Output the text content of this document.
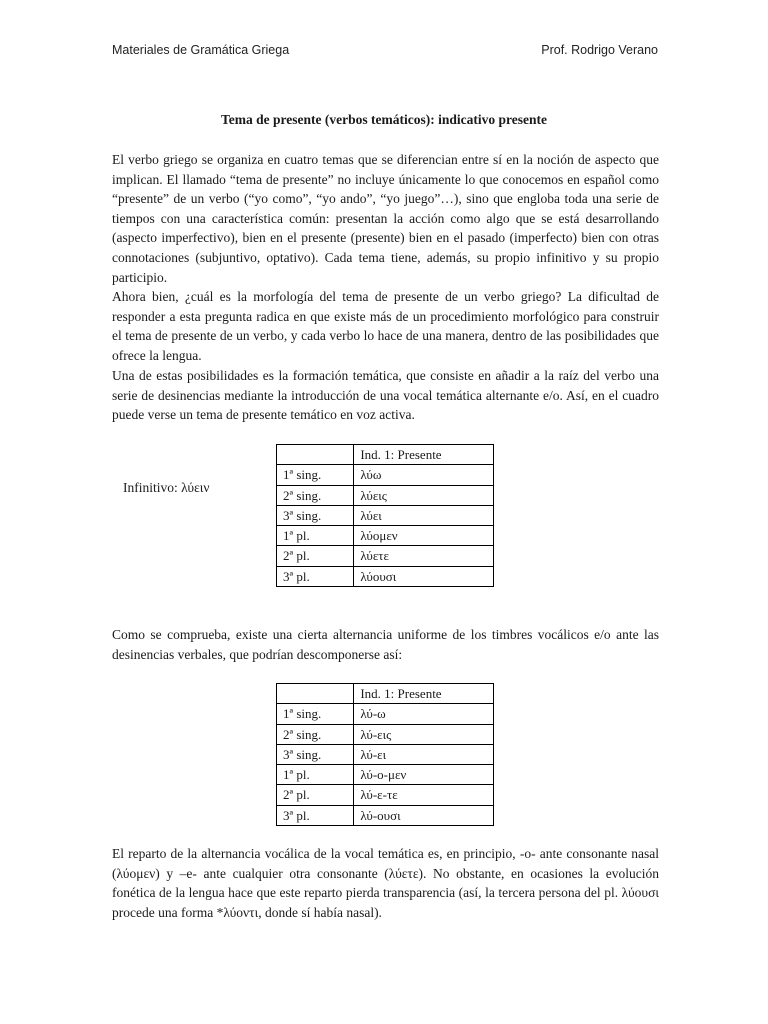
Materiales de Gramática Griega	Prof. Rodrigo Verano
Tema de presente (verbos temáticos): indicativo presente

El verbo griego se organiza en cuatro temas que se diferencian entre sí en la noción de aspecto que implican. El llamado “tema de presente” no incluye únicamente lo que conocemos en español como “presente” de un verbo (“yo como”, “yo ando”, “yo juego”…), sino que engloba toda una serie de tiempos con una característica común: presentan la acción como algo que se está desarrollando (aspecto imperfectivo), bien en el presente (presente) bien en el pasado (imperfecto) bien con otras connotaciones (subjuntivo, optativo). Cada tema tiene, además, su propio infinitivo y su propio participio.

Ahora bien, ¿cuál es la morfología del tema de presente de un verbo griego? La dificultad de responder a esta pregunta radica en que existe más de un procedimiento morfológico para construir el tema de presente de un verbo, y cada verbo lo hace de una manera, dentro de las posibilidades que ofrece la lengua.

Una de estas posibilidades es la formación temática, que consiste en añadir a la raíz del verbo una serie de desinencias mediante la introducción de una vocal temática alternante e/o. Así, en el cuadro puede verse un tema de presente temático en voz activa.

Infinitivo: λύειν
	Ind. 1: Presente
1ª sing.	λύω
2ª sing.	λύεις
3ª sing.	λύει
1ª pl.	λύομεν
2ª pl.	λύετε
3ª pl.	λύουσι

Como se comprueba, existe una cierta alternancia uniforme de los timbres vocálicos e/o ante las desinencias verbales, que podrían descomponerse así:

	Ind. 1: Presente
1ª sing.	λύ-ω
2ª sing.	λύ-εις
3ª sing.	λύ-ει
1ª pl.	λύ-ο-μεν
2ª pl.	λύ-ε-τε
3ª pl.	λύ-ουσι

El reparto de la alternancia vocálica de la vocal temática es, en principio, -o- ante consonante nasal (λύομεν) y –e- ante cualquier otra consonante (λύετε). No obstante, en ocasiones la evolución fonética de la lengua hace que este reparto pierda transparencia (así, la tercera persona del pl. λύουσι procede una forma *λύοντι, donde sí había nasal).
